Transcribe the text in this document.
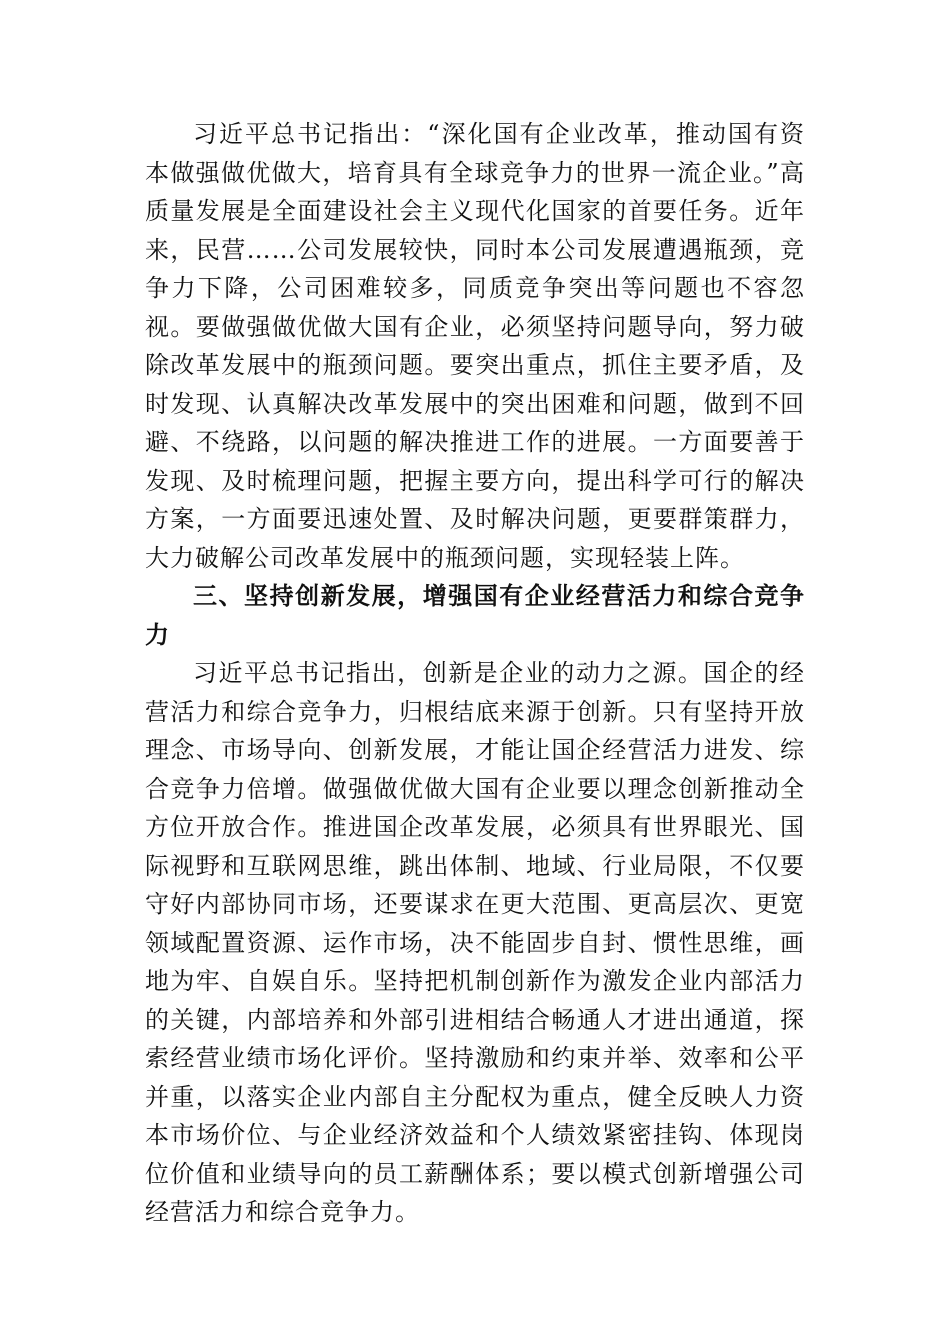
习近平总书记指出：“深化国有企业改革，推动国有资本做强做优做大，培育具有全球竞争力的世界一流企业。”高质量发展是全面建设社会主义现代化国家的首要任务。近年来，民营……公司发展较快，同时本公司发展遭遇瓶颈，竞争力下降，公司困难较多，同质竞争突出等问题也不容忽视。要做强做优做大国有企业，必须坚持问题导向，努力破除改革发展中的瓶颈问题。要突出重点，抓住主要矛盾，及时发现、认真解决改革发展中的突出困难和问题，做到不回避、不绕路，以问题的解决推进工作的进展。一方面要善于发现、及时梳理问题，把握主要方向，提出科学可行的解决方案，一方面要迅速处置、及时解决问题，更要群策群力，大力破解公司改革发展中的瓶颈问题，实现轻装上阵。

三、坚持创新发展，增强国有企业经营活力和综合竞争力

习近平总书记指出，创新是企业的动力之源。国企的经营活力和综合竞争力，归根结底来源于创新。只有坚持开放理念、市场导向、创新发展，才能让国企经营活力进发、综合竞争力倍增。做强做优做大国有企业要以理念创新推动全方位开放合作。推进国企改革发展，必须具有世界眼光、国际视野和互联网思维，跳出体制、地域、行业局限，不仅要守好内部协同市场，还要谋求在更大范围、更高层次、更宽领域配置资源、运作市场，决不能固步自封、惯性思维，画地为牢、自娱自乐。坚持把机制创新作为激发企业内部活力的关键，内部培养和外部引进相结合畅通人才进出通道，探索经营业绩市场化评价。坚持激励和约束并举、效率和公平并重，以落实企业内部自主分配权为重点，健全反映人力资本市场价位、与企业经济效益和个人绩效紧密挂钩、体现岗位价值和业绩导向的员工薪酬体系；要以模式创新增强公司经营活力和综合竞争力。
